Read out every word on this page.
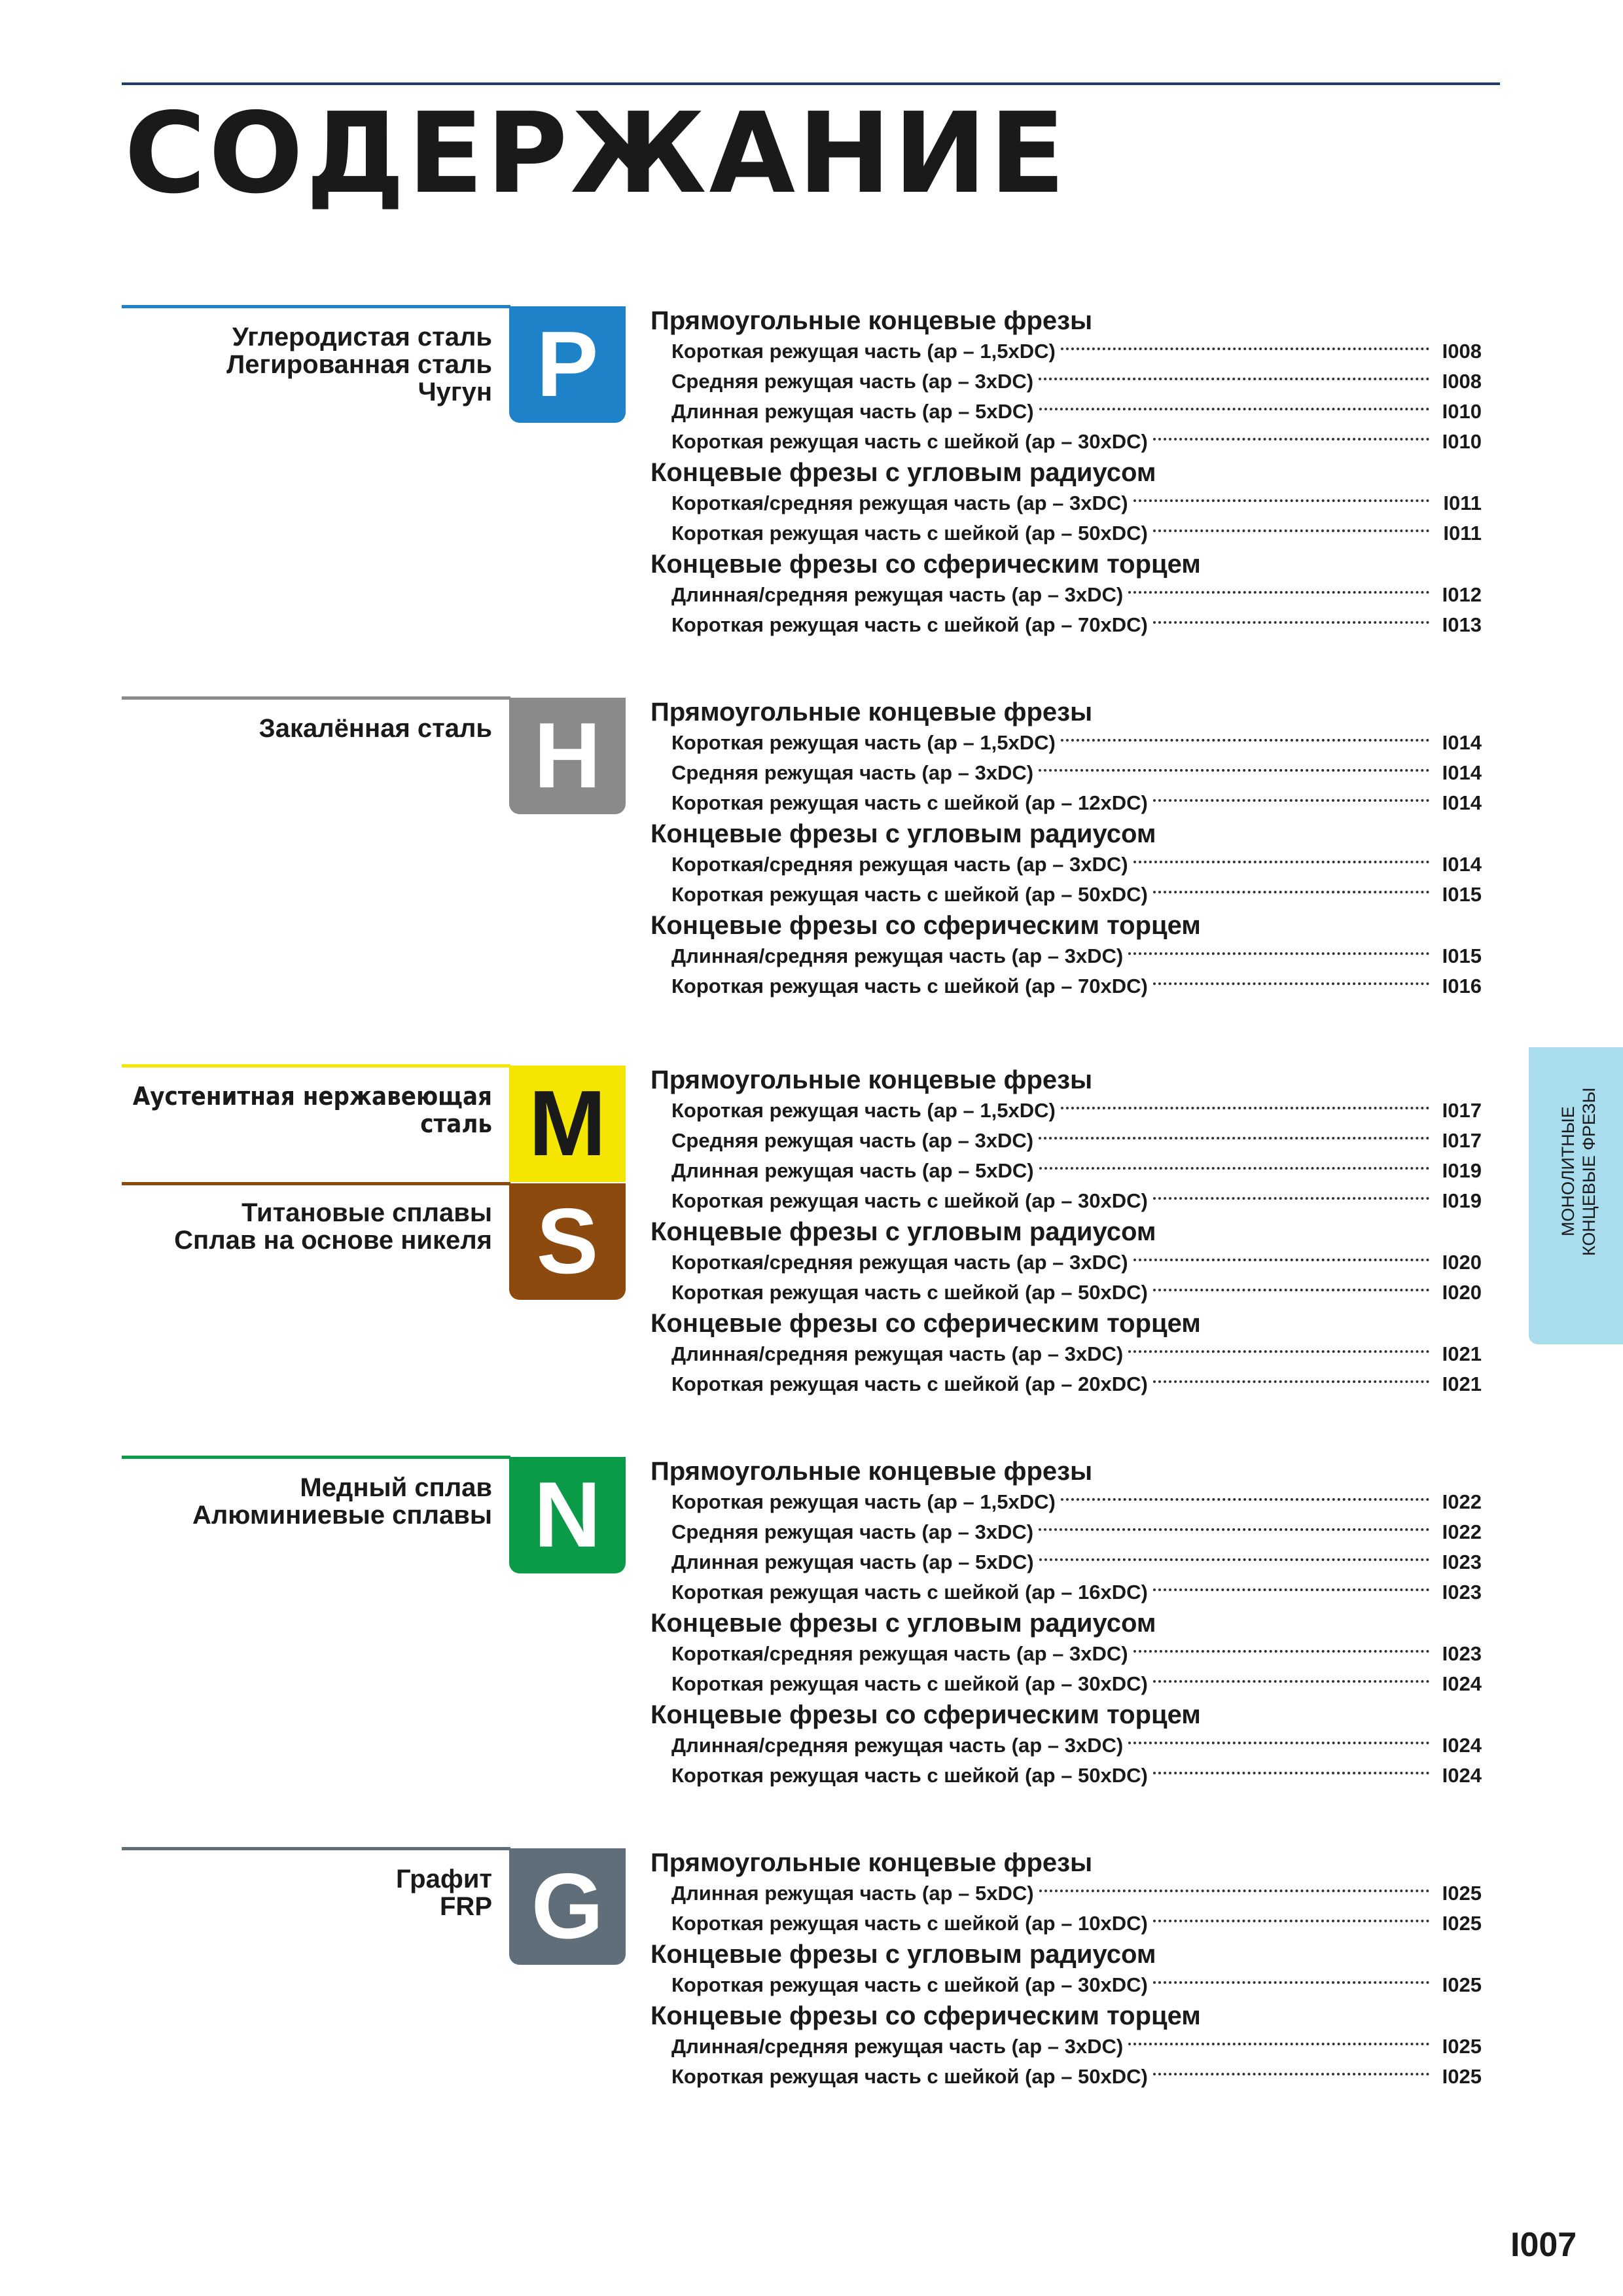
СОДЕРЖАНИЕ
Углеродистая сталь
Легированная сталь
Чугун P	Прямоугольные концевые фрезы
Короткая режущая часть (ap – 1,5xDC)	I008
Средняя режущая часть (ap – 3xDC)	I008
Длинная режущая часть (ap – 5xDC)	I010
Короткая режущая часть с шейкой (ap – 30xDC)	I010
Концевые фрезы с угловым радиусом
Короткая/средняя режущая часть (ap – 3xDC)	I011
Короткая режущая часть с шейкой (ap – 50xDC)	I011
Концевые фрезы со сферическим торцем
Длинная/средняя режущая часть (ap – 3xDC)	I012
Короткая режущая часть с шейкой (ap – 70xDC)	I013
Закалённая сталь H	Прямоугольные концевые фрезы
Короткая режущая часть (ap – 1,5xDC)	I014
Средняя режущая часть (ap – 3xDC)	I014
Короткая режущая часть с шейкой (ap – 12xDC)	I014
Концевые фрезы с угловым радиусом
Короткая/средняя режущая часть (ap – 3xDC)	I014
Короткая режущая часть с шейкой (ap – 50xDC)	I015
Концевые фрезы со сферическим торцем
Длинная/средняя режущая часть (ap – 3xDC)	I015
Короткая режущая часть с шейкой (ap – 70xDC)	I016
Аустенитная нержавеющая сталь M
Титановые сплавы
Сплав на основе никеля S
Прямоугольные концевые фрезы
Короткая режущая часть (ap – 1,5xDC)	I017
Средняя режущая часть (ap – 3xDC)	I017
Длинная режущая часть (ap – 5xDC)	I019
Короткая режущая часть с шейкой (ap – 30xDC)	I019
Концевые фрезы с угловым радиусом
Короткая/средняя режущая часть (ap – 3xDC)	I020
Короткая режущая часть с шейкой (ap – 50xDC)	I020
Концевые фрезы со сферическим торцем
Длинная/средняя режущая часть (ap – 3xDC)	I021
Короткая режущая часть с шейкой (ap – 20xDC)	I021
Медный сплав
Алюминиевые сплавы N	Прямоугольные концевые фрезы
Короткая режущая часть (ap – 1,5xDC)	I022
Средняя режущая часть (ap – 3xDC)	I022
Длинная режущая часть (ap – 5xDC)	I023
Короткая режущая часть с шейкой (ap – 16xDC)	I023
Концевые фрезы с угловым радиусом
Короткая/средняя режущая часть (ap – 3xDC)	I023
Короткая режущая часть с шейкой (ap – 30xDC)	I024
Концевые фрезы со сферическим торцем
Длинная/средняя режущая часть (ap – 3xDC)	I024
Короткая режущая часть с шейкой (ap – 50xDC)	I024
Графит
FRP G	Прямоугольные концевые фрезы
Длинная режущая часть (ap – 5xDC)	I025
Короткая режущая часть с шейкой (ap – 10xDC)	I025
Концевые фрезы с угловым радиусом
Короткая режущая часть с шейкой (ap – 30xDC)	I025
Концевые фрезы со сферическим торцем
Длинная/средняя режущая часть (ap – 3xDC)	I025
Короткая режущая часть с шейкой (ap – 50xDC)	I025
МОНОЛИТНЫЕ КОНЦЕВЫЕ ФРЕЗЫ
I007
